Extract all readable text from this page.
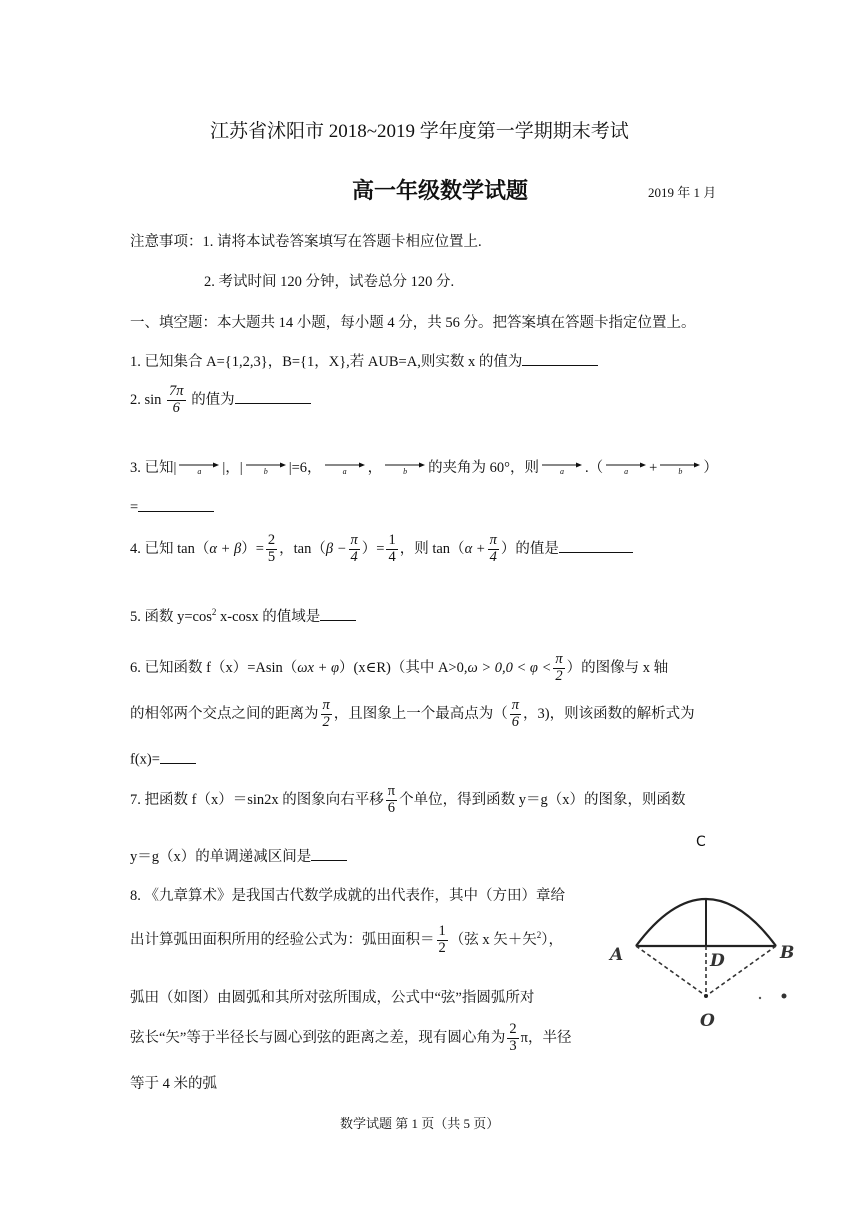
江苏省沭阳市 2018~2019 学年度第一学期期末考试
高一年级数学试题	2019 年 1 月
注意事项：1. 请将本试卷答案填写在答题卡相应位置上.
2. 考试时间 120 分钟，试卷总分 120 分.
一、填空题：本大题共 14 小题，每小题 4 分，共 56 分。把答案填在答题卡指定位置上。
1. 已知集合 A={1,2,3}，B={1，X},若 AUB=A,则实数 x 的值为
2. $\sin \frac{7\pi}{6}$ 的值为
3. 已知|	a	|，|	b	|=6，	a	，	b	的夹角为 60°，则	a	.（	a	+	b	）
=
4. 已知 $\tan(\alpha + \beta)= \frac{2}{5}$ ，$\tan(\beta - \frac{\pi}{4}$ ）= $\frac{1}{4}$ ，则 $\tan(\alpha + \frac{\pi}{4}$ ）的值是
5. 函数 $y=\cos^2$ x-cosx 的值域是
6. 已知函数 f（x）=Asin（ωx + φ）(x∈R)（其中 $A>0,\omega > 0,0 < \varphi < \frac{\pi}{2}$ ）的图像与 x 轴
的相邻两个交点之间的距离为 $\frac{\pi}{2}$ ，且图象上一个最高点为（ $\frac{\pi}{6}$ ，3)，则该函数的解析式为
f(x)=
7. 把函数 f（x）＝sin2x 的图象向右平移 $\frac{\pi}{6}$ 个单位，得到函数 y＝g（x）的图象，则函数
y＝g（x）的单调递减区间是
8. 《九章算术》是我国古代数学成就的出代表作，其中（方田）章给
出计算弧田面积所用的经验公式为：弧田面积＝ $\frac{1}{2}$ （弦 x 矢＋矢$^2$），
弧田（如图）由圆弧和其所对弦所围成，公式中“弦”指圆弧所对
弦长“矢”等于半径长与圆心到弦的距离之差，现有圆心角为 $\frac{2}{3}$ π，半径
等于 4 米的弧
C
A	B
D
O
数学试题 第 1 页（共 5 页）
